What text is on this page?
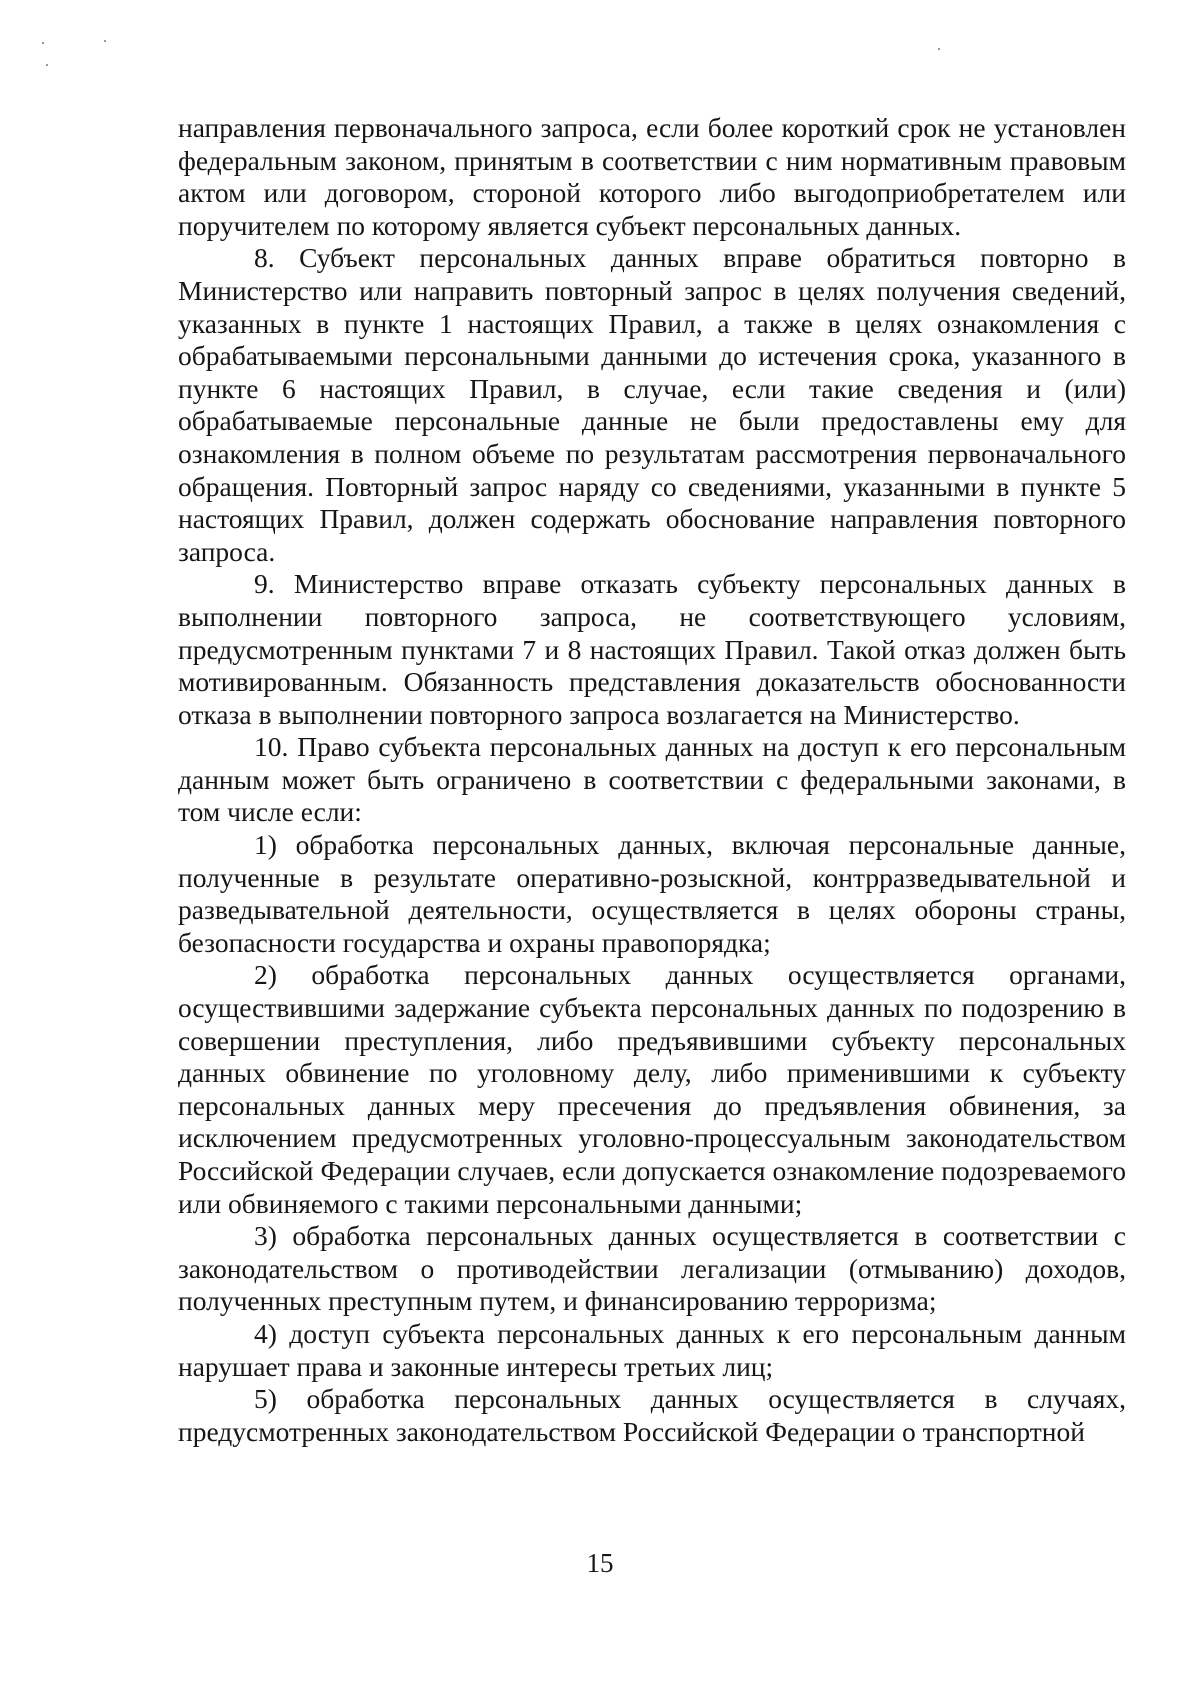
направления первоначального запроса, если более короткий срок не установлен федеральным законом, принятым в соответствии с ним нормативным правовым актом или договором, стороной которого либо выгодоприобретателем или поручителем по которому является субъект персональных данных.

8. Субъект персональных данных вправе обратиться повторно в Министерство или направить повторный запрос в целях получения сведений, указанных в пункте 1 настоящих Правил, а также в целях ознакомления с обрабатываемыми персональными данными до истечения срока, указанного в пункте 6 настоящих Правил, в случае, если такие сведения и (или) обрабатываемые персональные данные не были предоставлены ему для ознакомления в полном объеме по результатам рассмотрения первоначального обращения. Повторный запрос наряду со сведениями, указанными в пункте 5 настоящих Правил, должен содержать обоснование направления повторного запроса.

9. Министерство вправе отказать субъекту персональных данных в выполнении повторного запроса, не соответствующего условиям, предусмотренным пунктами 7 и 8 настоящих Правил. Такой отказ должен быть мотивированным. Обязанность представления доказательств обоснованности отказа в выполнении повторного запроса возлагается на Министерство.

10. Право субъекта персональных данных на доступ к его персональным данным может быть ограничено в соответствии с федеральными законами, в том числе если:

1) обработка персональных данных, включая персональные данные, полученные в результате оперативно-розыскной, контрразведывательной и разведывательной деятельности, осуществляется в целях обороны страны, безопасности государства и охраны правопорядка;

2) обработка персональных данных осуществляется органами, осуществившими задержание субъекта персональных данных по подозрению в совершении преступления, либо предъявившими субъекту персональных данных обвинение по уголовному делу, либо применившими к субъекту персональных данных меру пресечения до предъявления обвинения, за исключением предусмотренных уголовно-процессуальным законодательством Российской Федерации случаев, если допускается ознакомление подозреваемого или обвиняемого с такими персональными данными;

3) обработка персональных данных осуществляется в соответствии с законодательством о противодействии легализации (отмыванию) доходов, полученных преступным путем, и финансированию терроризма;

4) доступ субъекта персональных данных к его персональным данным нарушает права и законные интересы третьих лиц;

5) обработка персональных данных осуществляется в случаях, предусмотренных законодательством Российской Федерации о транспортной

15
